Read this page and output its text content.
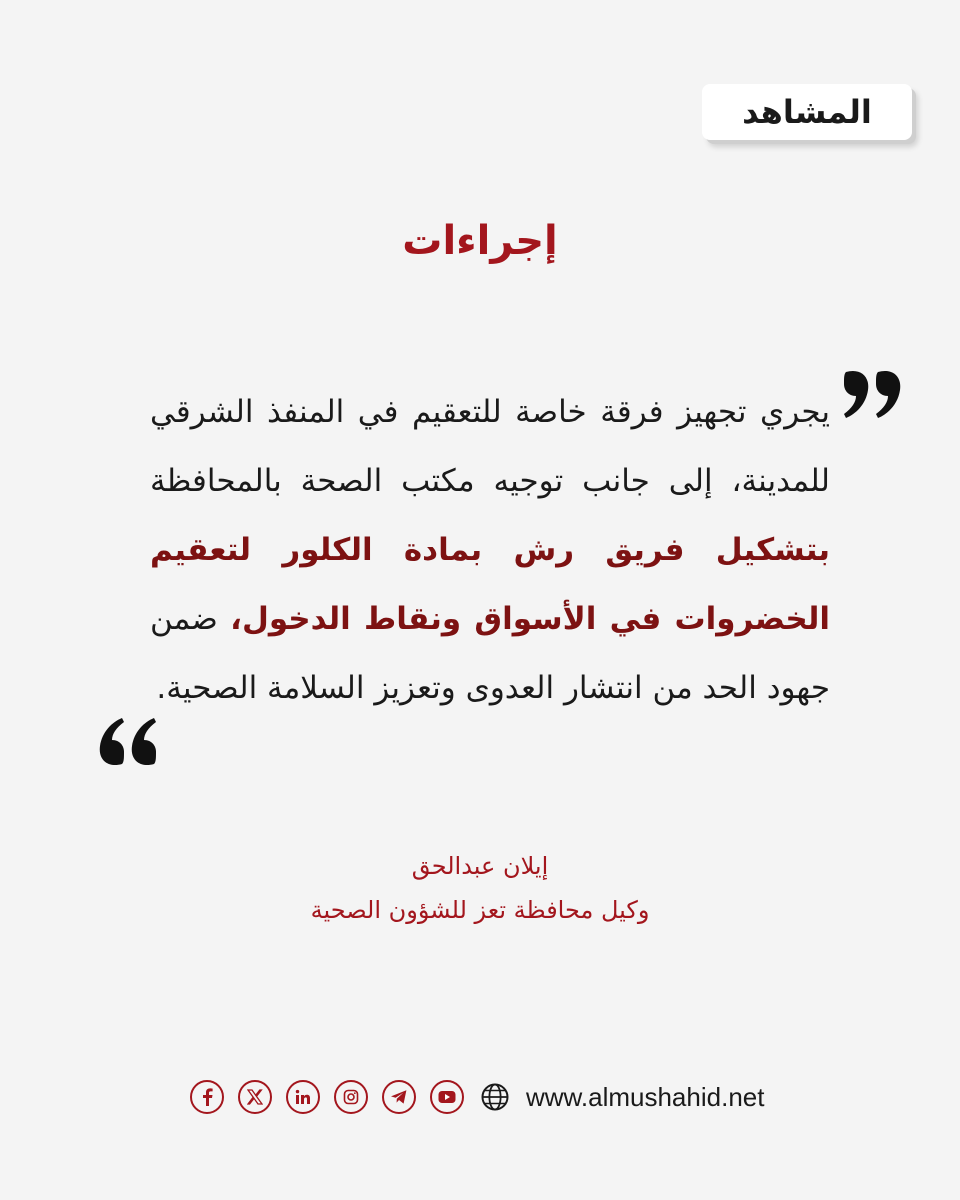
المشاهد
إجراءات
يجري تجهيز فرقة خاصة للتعقيم في المنفذ الشرقي للمدينة، إلى جانب توجيه مكتب الصحة بالمحافظة بتشكيل فريق رش بمادة الكلور لتعقيم الخضروات في الأسواق ونقاط الدخول، ضمن جهود الحد من انتشار العدوى وتعزيز السلامة الصحية.
إيلان عبدالحق
وكيل محافظة تعز للشؤون الصحية
www.almushahid.net
